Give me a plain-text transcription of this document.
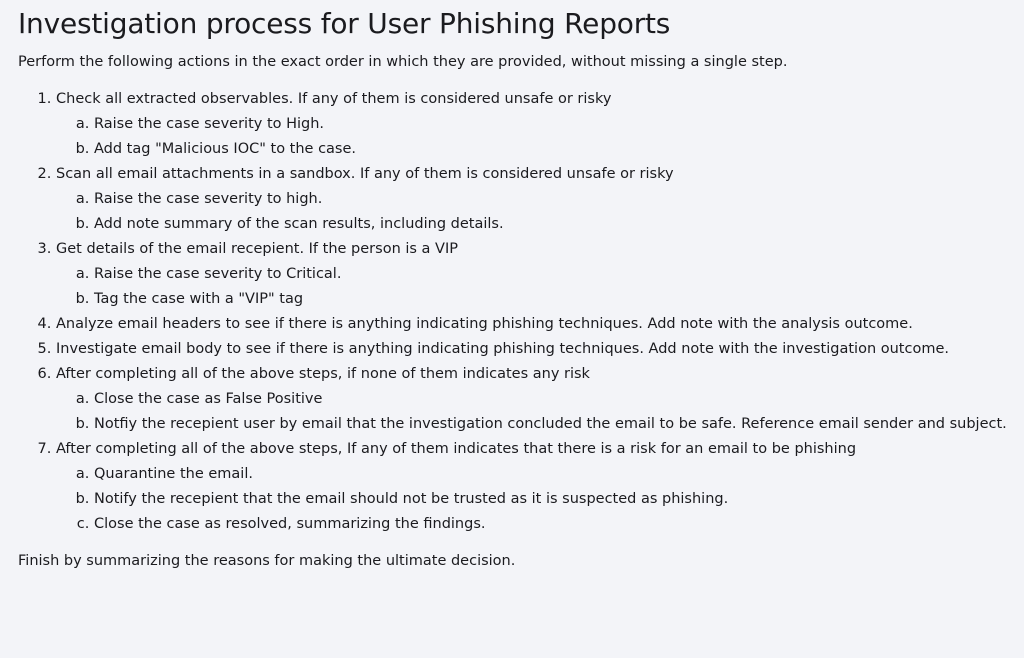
Investigation process for User Phishing Reports

Perform the following actions in the exact order in which they are provided, without missing a single step.

1. Check all extracted observables. If any of them is considered unsafe or risky
a. Raise the case severity to High.
b. Add tag "Malicious IOC" to the case.
2. Scan all email attachments in a sandbox. If any of them is considered unsafe or risky
a. Raise the case severity to high.
b. Add note summary of the scan results, including details.
3. Get details of the email recepient. If the person is a VIP
a. Raise the case severity to Critical.
b. Tag the case with a "VIP" tag
4. Analyze email headers to see if there is anything indicating phishing techniques. Add note with the analysis outcome.
5. Investigate email body to see if there is anything indicating phishing techniques. Add note with the investigation outcome.
6. After completing all of the above steps, if none of them indicates any risk
a. Close the case as False Positive
b. Notfiy the recepient user by email that the investigation concluded the email to be safe. Reference email sender and subject.
7. After completing all of the above steps, If any of them indicates that there is a risk for an email to be phishing
a. Quarantine the email.
b. Notify the recepient that the email should not be trusted as it is suspected as phishing.
c. Close the case as resolved, summarizing the findings.

Finish by summarizing the reasons for making the ultimate decision.
